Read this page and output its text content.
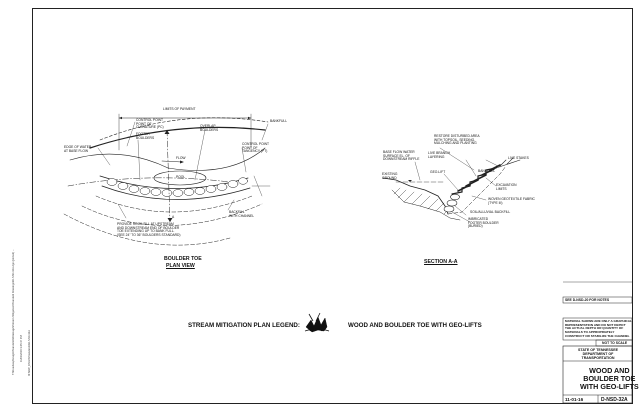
T:\\RoadwayDesign\\Standards\\Drainage\\Stream Mitigation\\Standard Drawings\\D-NSD-32A.dgn (plotted) ... 11/01/2016 3:45:47 PM M:\\RW_DSGN\\Standards\\D-NSD-32A
LIMITS OF PAYMENT
CONTROL POINT
POINT OF
CURVATURE (PC)
FOOTER
BOULDERS
OVERLAP
BOULDERS
BANKFULL
EDGE OF WATER
AT BASE FLOW
FLOW
POOL
CONTROL POINT
POINT OF
TANGENCY (PT)
BACKFILL
WITH CHANNEL
PROVIDE ROCK SILL AT UPSTREAM
AND DOWNSTREAM END OF BOULDER
TOE EXTENDING UP TO BANK FULL.
(SEE 24" TO 36" BOULDERS STANDARD)
A
BOULDER TOE
PLAN VIEW
RESTORE DISTURBED AREA
WITH TOPSOIL, SEEDING,
MULCHING AND PLANTING
BASE FLOW WATER
SURFACE EL. OF
DOWNSTREAM RIFFLE
LIVE BRANCH
LAYERING	LIVE STAKES
EXISTING
GROUND
GEO-LIFT	BANKFULL
EXCAVATION
LIMITS
WOVEN GEOTEXTILE FABRIC
(TYPE III)
SOIL/ALLUVIAL BACKFILL
IMBRICATED
FOOTER BOULDER
(BURIED)
SECTION A-A
STREAM MITIGATION PLAN LEGEND:	WOOD AND BOULDER TOE WITH GEO-LIFTS
SEE D-NSD-20 FOR NOTES
MATERIAL SHOWN ARE ONLY A GRAPHICAL
REPRESENTATION AND DO NOT DEPICT
THE ACTUAL DEPTH OR QUANTITY OF
MATERIALS TO APPROPRIATELY
CONSTRUCT OR STABILIZE THE CHANNEL
NOT TO SCALE
STATE OF TENNESSEE
DEPARTMENT OF
TRANSPORTATION
WOOD AND
BOULDER TOE
WITH GEO-LIFTS
11-01-16	D-NSD-32A
